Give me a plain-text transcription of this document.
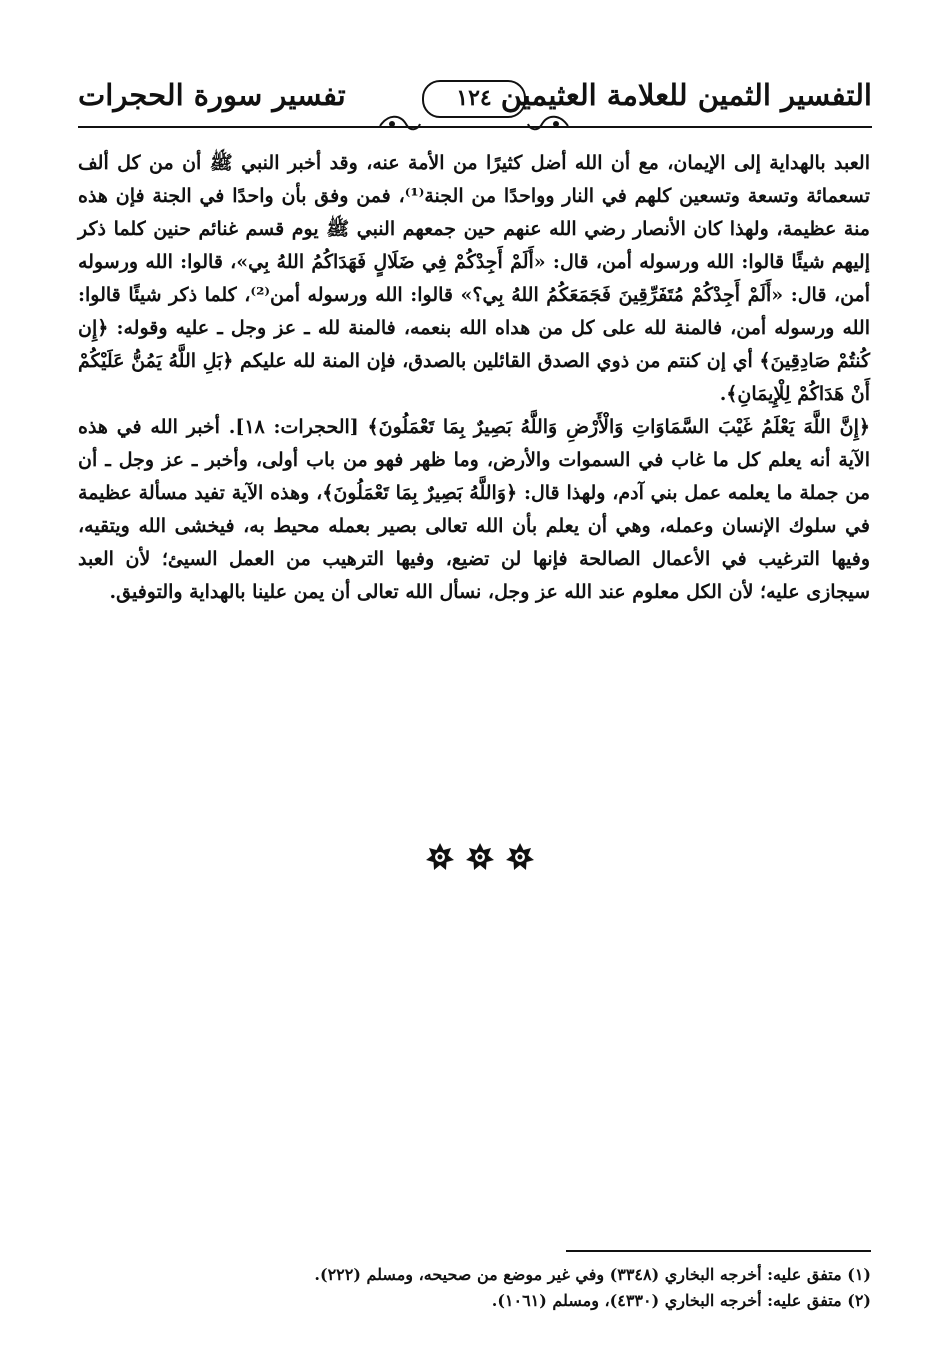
التفسير الثمين للعلامة العثيمين
تفسير سورة الحجرات	١٢٤

العبد بالهداية إلى الإيمان، مع أن الله أضل كثيرًا من الأمة عنه، وقد أخبر النبي ﷺ أن من كل ألف تسعمائة وتسعة وتسعين كلهم في النار وواحدًا من الجنة⁽¹⁾، فمن وفق بأن واحدًا في الجنة فإن هذه منة عظيمة، ولهذا كان الأنصار رضي الله عنهم حين جمعهم النبي ﷺ يوم قسم غنائم حنين كلما ذكر إليهم شيئًا قالوا: الله ورسوله أمن، قال: «أَلَمْ أَجِدْكُمْ فِي ضَلَالٍ فَهَدَاكُمُ اللهُ بِي»، قالوا: الله ورسوله أمن، قال: «أَلَمْ أَجِدْكُمْ مُتَفَرِّقِينَ فَجَمَعَكُمُ اللهُ بِي؟» قالوا: الله ورسوله أمن⁽²⁾، كلما ذكر شيئًا قالوا: الله ورسوله أمن، فالمنة لله على كل من هداه الله بنعمه، فالمنة لله ـ عز وجل ـ عليه وقوله: ﴿إِن كُنتُمْ صَادِقِينَ﴾ أي إن كنتم من ذوي الصدق القائلين بالصدق، فإن المنة لله عليكم ﴿بَلِ اللَّهُ يَمُنُّ عَلَيْكُمْ أَنْ هَدَاكُمْ لِلْإِيمَانِ﴾.

﴿إِنَّ اللَّهَ يَعْلَمُ غَيْبَ السَّمَاوَاتِ وَالْأَرْضِ وَاللَّهُ بَصِيرٌ بِمَا تَعْمَلُونَ﴾ [الحجرات: ١٨]. أخبر الله في هذه الآية أنه يعلم كل ما غاب في السموات والأرض، وما ظهر فهو من باب أولى، وأخبر ـ عز وجل ـ أن من جملة ما يعلمه عمل بني آدم، ولهذا قال: ﴿وَاللَّهُ بَصِيرٌ بِمَا تَعْمَلُونَ﴾، وهذه الآية تفيد مسألة عظيمة في سلوك الإنسان وعمله، وهي أن يعلم بأن الله تعالى بصير بعمله محيط به، فيخشى الله ويتقيه، وفيها الترغيب في الأعمال الصالحة فإنها لن تضيع، وفيها الترهيب من العمل السيئ؛ لأن العبد سيجازى عليه؛ لأن الكل معلوم عند الله عز وجل، نسأل الله تعالى أن يمن علينا بالهداية والتوفيق.

(١) متفق عليه: أخرجه البخاري (٣٣٤٨) وفي غير موضع من صحيحه، ومسلم (٢٢٢).
(٢) متفق عليه: أخرجه البخاري (٤٣٣٠)، ومسلم (١٠٦١).
